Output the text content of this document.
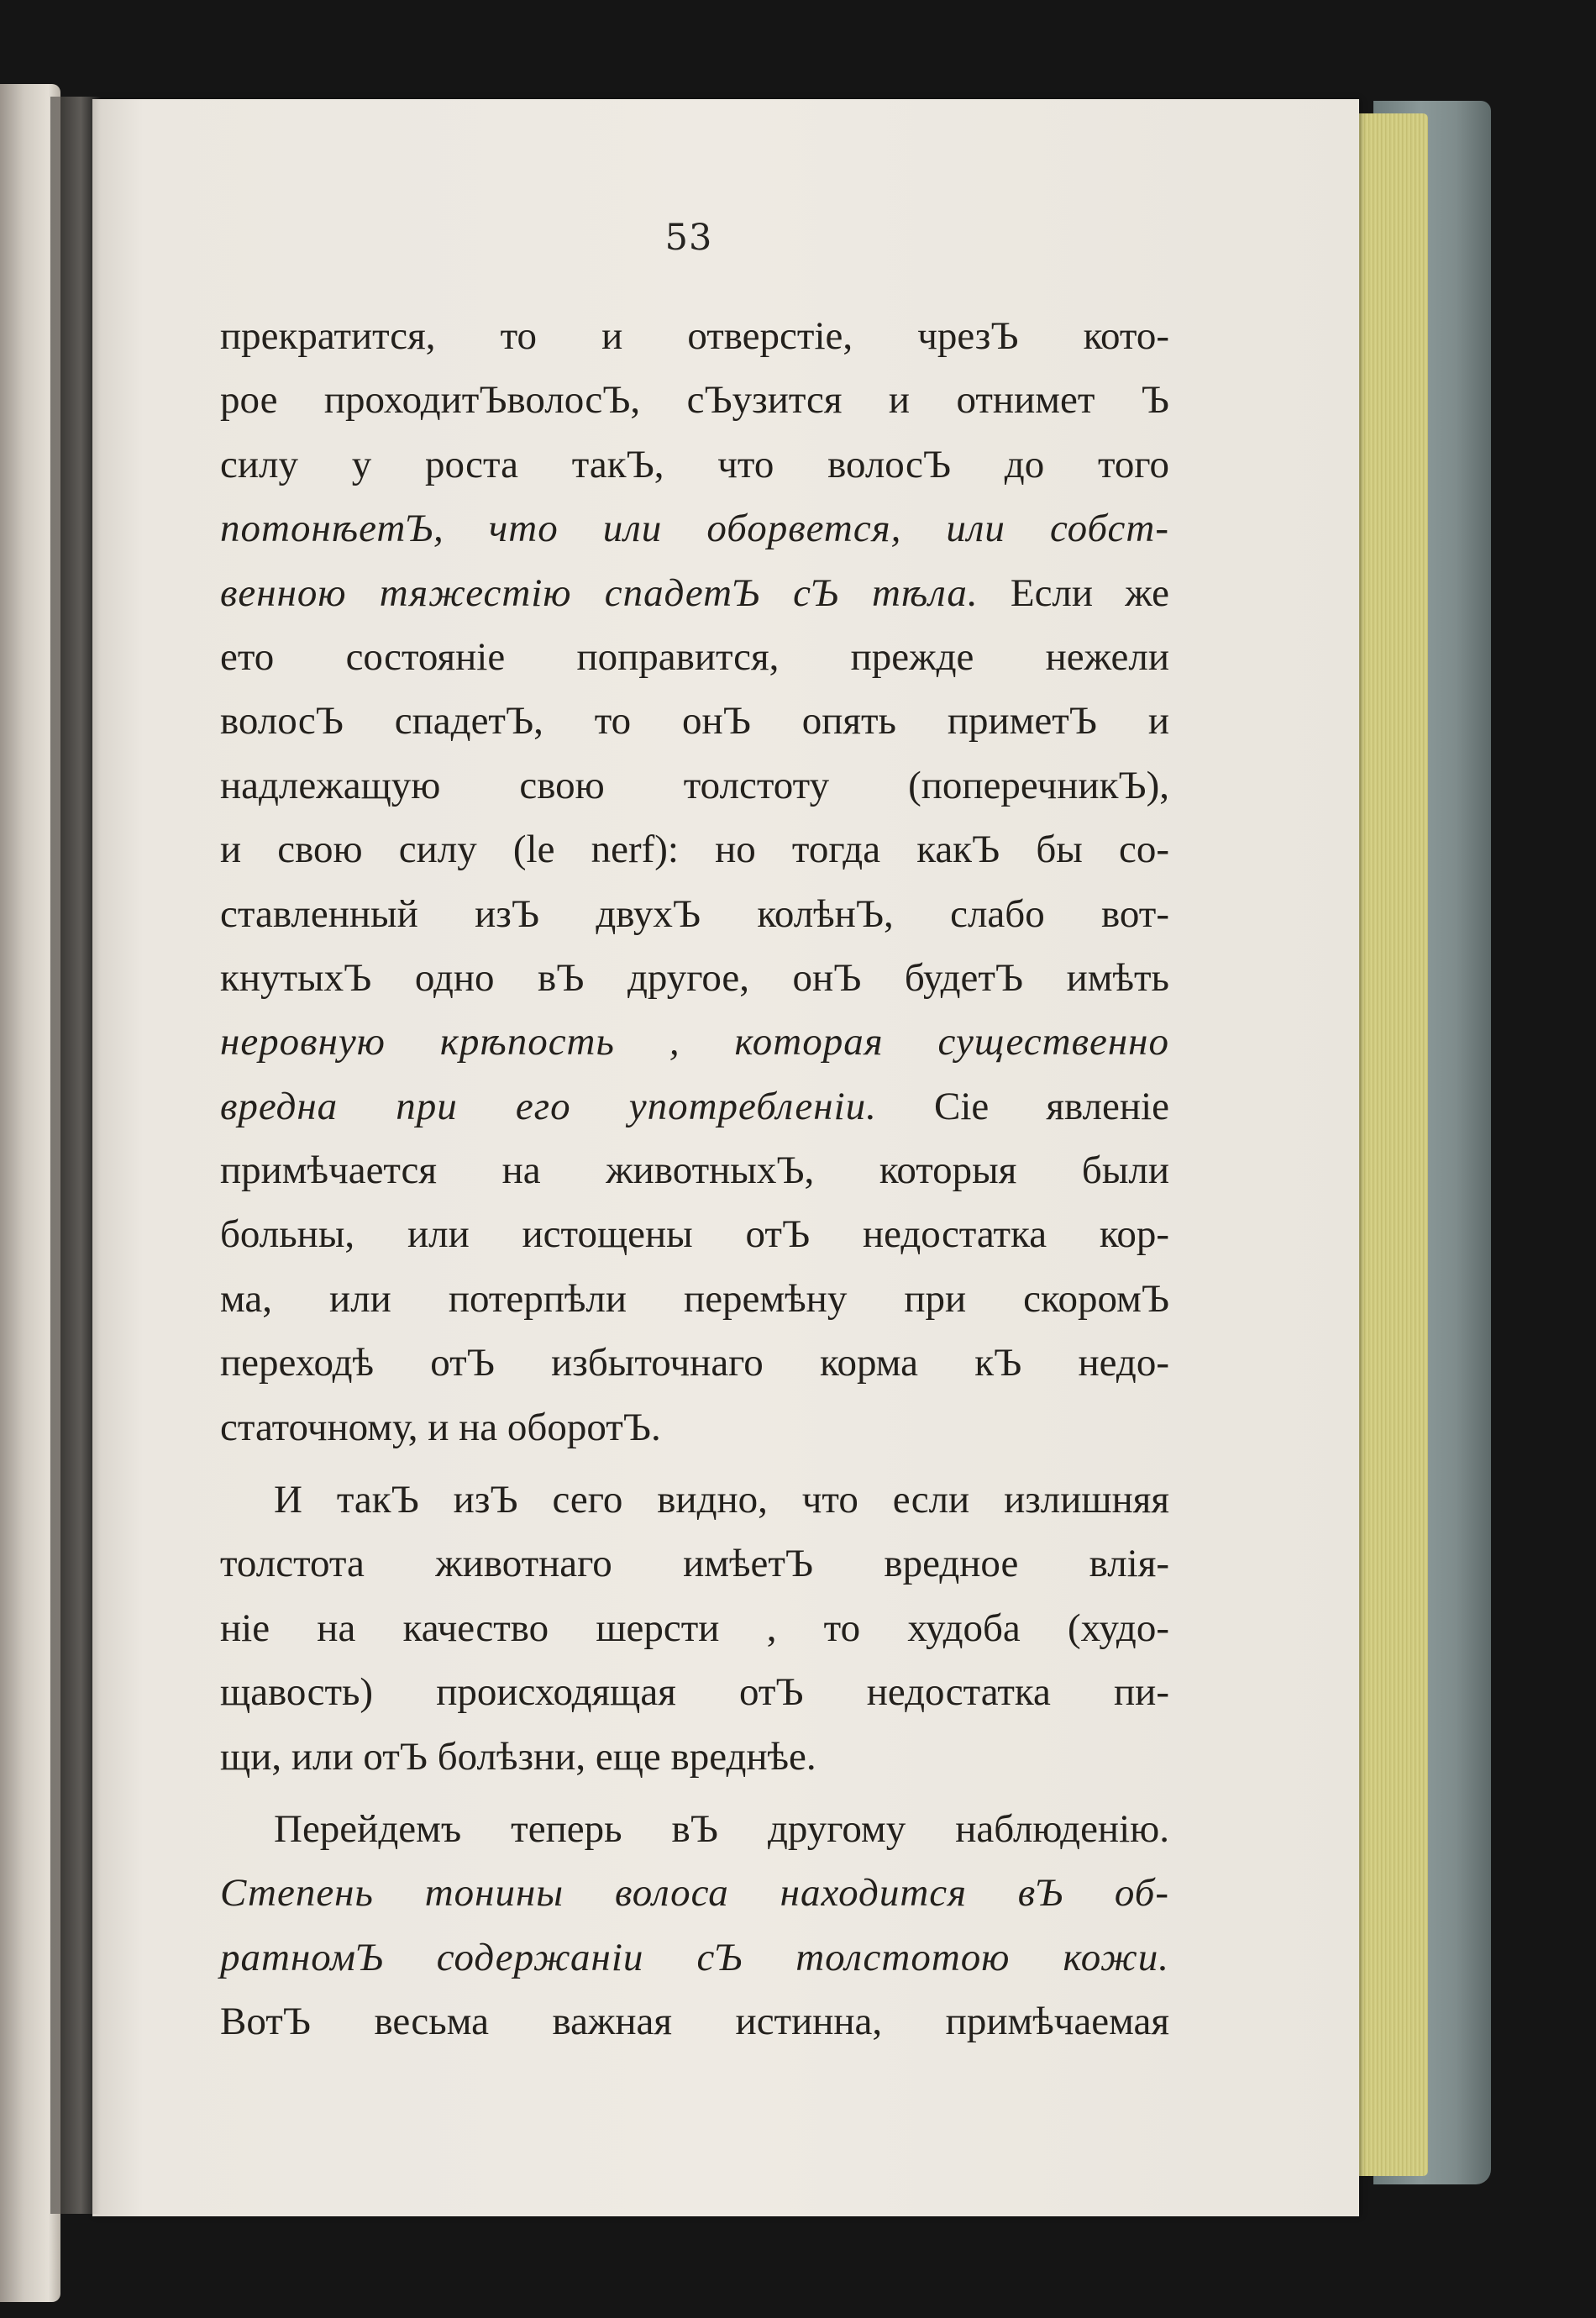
53
прекратится, то и отверстіе, чрезЪ кото-
рое проходитЪволосЪ, сЪузится и отнимет Ъ
силу у роста такЪ, что волосЪ до того
потонѣетЪ, что или оборвется, или собст-
венною тяжестію спадетЪ сЪ тѣла. Если же
ето состояніе поправится, прежде нежели
волосЪ спадетЪ, то онЪ опять приметЪ и
надлежащую свою толстоту (поперечникЪ),
и свою силу (le nerf): но тогда какЪ бы со-
ставленный изЪ двухЪ колѣнЪ, слабо вот-
кнутыхЪ одно вЪ другое, онЪ будетЪ имѣть
неровную крѣпость , которая существенно
вредна при его употребленіи. Сіе явленіе
примѣчается на животныхЪ, которыя были
больны, или истощены отЪ недостатка кор-
ма, или потерпѣли перемѣну при скоромЪ
переходѣ отЪ избыточнаго корма кЪ недо-
статочному, и на оборотЪ.
И такЪ изЪ сего видно, что если излишняя
толстота животнаго имѣетЪ вредное влія-
ніе на качество шерсти , то худоба (худо-
щавость) происходящая отЪ недостатка пи-
щи, или отЪ болѣзни, еще вреднѣе.
Перейдемъ теперь вЪ другому наблюденію.
Степень тонины волоса находится вЪ об-
ратномЪ содержаніи сЪ толстотою кожи.
ВотЪ весьма важная истинна, примѣчаемая
